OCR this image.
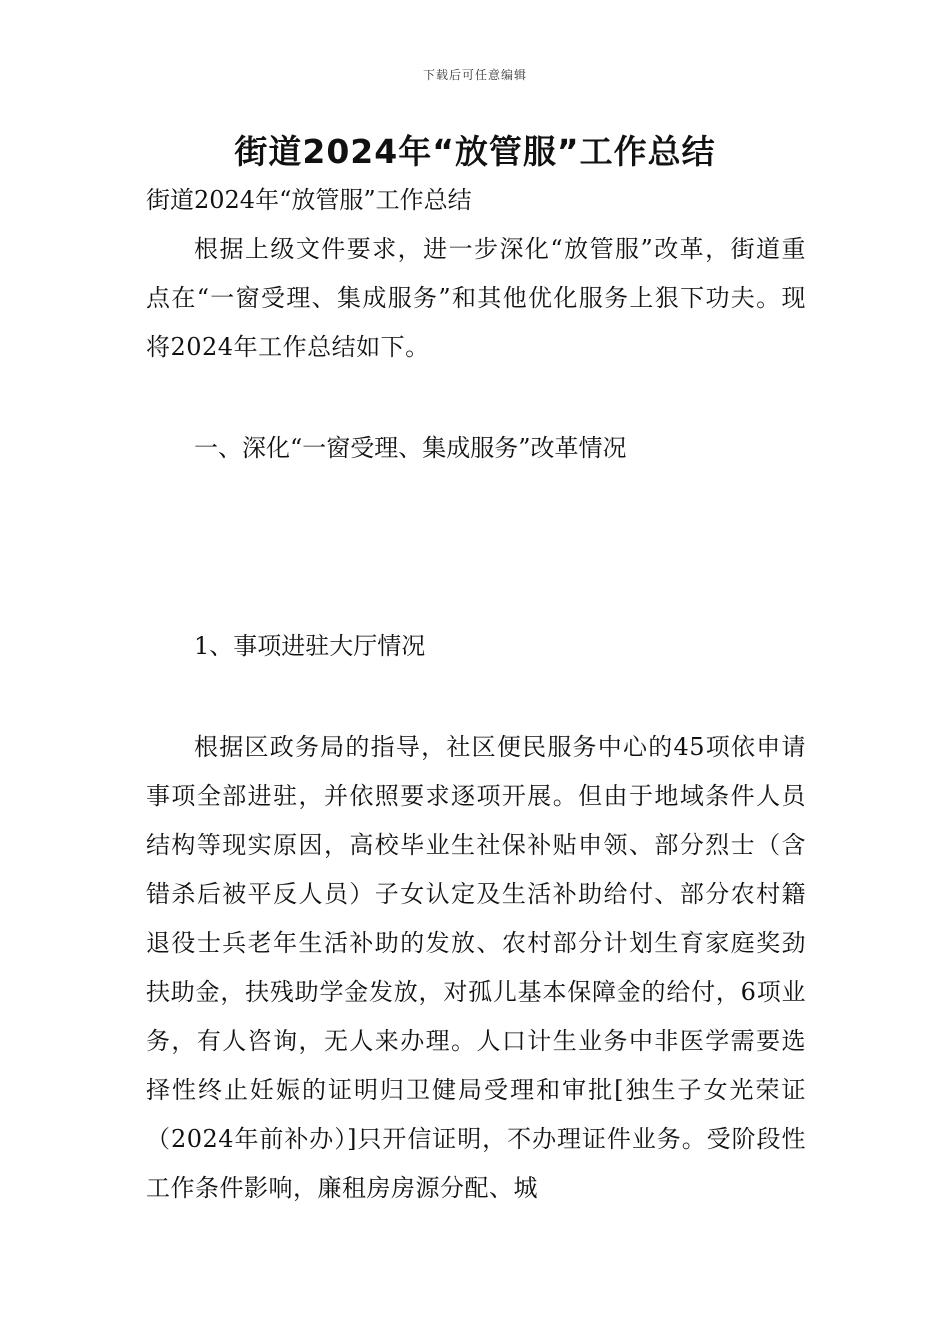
下载后可任意编辑
街道2024年“放管服”工作总结
街道2024年“放管服”工作总结
根据上级文件要求，进一步深化“放管服”改革，街道重点在“一窗受理、集成服务”和其他优化服务上狠下功夫。现将2024年工作总结如下。
一、深化“一窗受理、集成服务”改革情况
1、事项进驻大厅情况
根据区政务局的指导，社区便民服务中心的45项依申请事项全部进驻，并依照要求逐项开展。但由于地域条件人员结构等现实原因，高校毕业生社保补贴申领、部分烈士（含错杀后被平反人员）子女认定及生活补助给付、部分农村籍退役士兵老年生活补助的发放、农村部分计划生育家庭奖劲扶助金，扶残助学金发放，对孤儿基本保障金的给付，6项业务，有人咨询，无人来办理。人口计生业务中非医学需要选择性终止妊娠的证明归卫健局受理和审批[独生子女光荣证（2024年前补办）]只开信证明，不办理证件业务。受阶段性工作条件影响，廉租房房源分配、城
